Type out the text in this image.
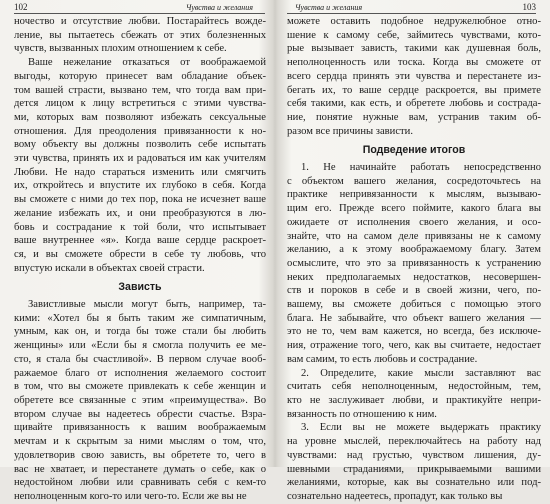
102	Чувства и желания
ночество и отсутствие любви. Постарайтесь вожде-
ление, вы пытаетесь сбежать от этих болезненных
чувств, вызванных плохим отношением к себе.
Ваше нежелание отказаться от воображаемой
выгоды, которую принесет вам обладание объек-
том вашей страсти, вызвано тем, что тогда вам при-
дется лицом к лицу встретиться с этими чувства-
ми, которых вам позволяют избежать сексуальные
отношения. Для преодоления привязанности к но-
вому объекту вы должны позволить себе испытать
эти чувства, принять их и радоваться им как учителям
Любви. Не надо стараться изменить или смягчить
их, откройтесь и впустите их глубоко в себя. Когда
вы сможете с ними до тех пор, пока не исчезнет ваше
желание избежать их, и они преобразуются в лю-
бовь и сострадание к той боли, что испытывает
ваше внутреннее «я». Когда ваше сердце раскроет-
ся, и вы сможете обрести в себе ту любовь, что
впустую искали в объектах своей страсти.
Зависть
Завистливые мысли могут быть, например, та-
кими: «Хотел бы я быть таким же симпатичным,
умным, как он, и тогда бы тоже стали бы любить
женщины» или «Если бы я смогла получить ее ме-
сто, я стала бы счастливой». В первом случае вооб-
ражаемое благо от исполнения желаемого состоит
в том, что вы сможете привлекать к себе женщин и
обретете все связанные с этим «преимущества». Во
втором случае вы надеетесь обрести счастье. Взра-
щивайте привязанность к вашим воображаемым
мечтам и к скрытым за ними мыслям о том, что,
удовлетворив свою зависть, вы обретете то, чего в
вас не хватает, и перестанете думать о себе, как о
недостойном любви или сравнивать себя с кем-то
неполноценным кого-то или чего-то. Если же вы не
Чувства и желания	103
можете оставить подобное недружелюбное отно-
шение к самому себе, займитесь чувствами, кото-
рые вызывает зависть, такими как душевная боль,
неполноценность или тоска. Когда вы сможете от
всего сердца принять эти чувства и перестанете из-
бегать их, то ваше сердце раскроется, вы примете
себя такими, как есть, и обретете любовь и сострада-
ние, понятие нужные вам, устранив таким об-
разом все причины зависти.
Подведение итогов
1. Не начинайте работать непосредственно
с объектом вашего желания, сосредоточьтесь на
практике непривязанности к мыслям, вызываю-
щим его. Прежде всего поймите, какого блага вы
ожидаете от исполнения своего желания, и осо-
знайте, что на самом деле привязаны не к самому
желанию, а к этому воображаемому благу. Затем
осмыслите, что это за привязанность к устранению
неких предполагаемых недостатков, несовершен-
ств и пороков в себе и в своей жизни, чего, по-
вашему, вы сможете добиться с помощью этого
блага. Не забывайте, что объект вашего желания —
это не то, чем вам кажется, но всегда, без исключе-
ния, отражение того, чего, как вы считаете, недостает
вам самим, то есть любовь и сострадание.
2. Определите, какие мысли заставляют вас
считать себя неполноценным, недостойным, тем,
кто не заслуживает любви, и практикуйте непри-
вязанность по отношению к ним.
3. Если вы не можете выдержать практику
на уровне мыслей, переключайтесь на работу над
чувствами: над грустью, чувством лишения, ду-
шевными страданиями, прикрываемыми вашими
желаниями, которые, как вы сознательно или под-
сознательно надеетесь, пропадут, как только вы
